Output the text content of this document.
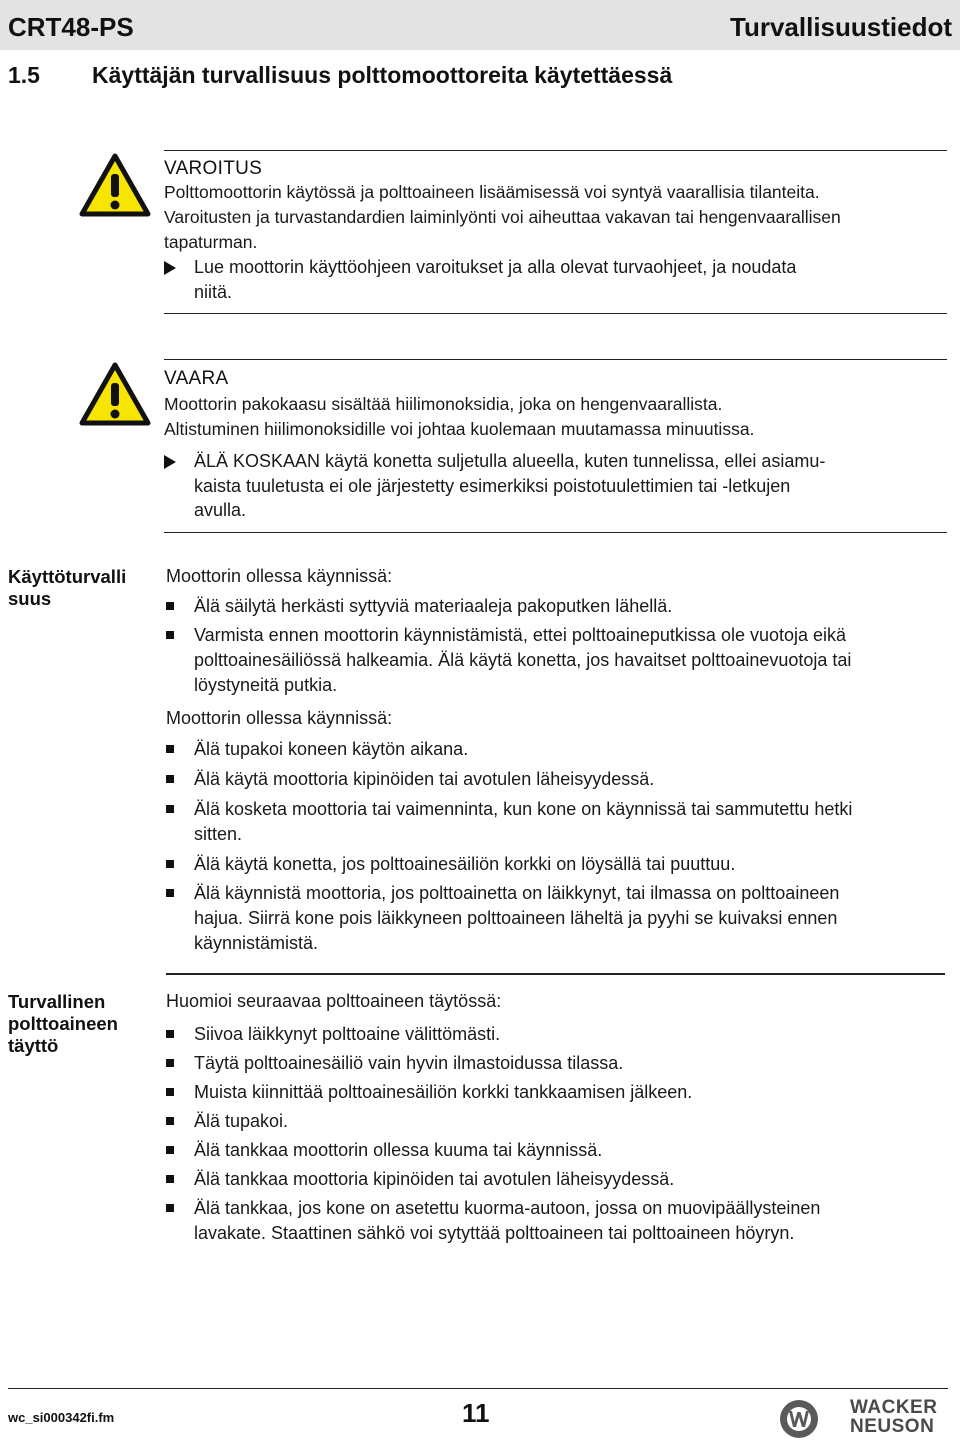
CRT48-PS	Turvallisuustiedot
1.5 Käyttäjän turvallisuus polttomoottoreita käytettäessä
VAROITUS
Polttomoottorin käytössä ja polttoaineen lisäämisessä voi syntyä vaarallisia tilanteita.
Varoitusten ja turvastandardien laiminlyönti voi aiheuttaa vakavan tai hengenvaarallisen
tapaturman.
Lue moottorin käyttöohjeen varoitukset ja alla olevat turvaohjeet, ja noudata
niitä.
VAARA
Moottorin pakokaasu sisältää hiilimonoksidia, joka on hengenvaarallista.
Altistuminen hiilimonoksidille voi johtaa kuolemaan muutamassa minuutissa.
ÄLÄ KOSKAAN käytä konetta suljetulla alueella, kuten tunnelissa, ellei asiamu-
kaista tuuletusta ei ole järjestetty esimerkiksi poistotuulettimien tai -letkujen
avulla.
Käyttöturvalli
suus
Moottorin ollessa käynnissä:
Älä säilytä herkästi syttyviä materiaaleja pakoputken lähellä.
Varmista ennen moottorin käynnistämistä, ettei polttoaineputkissa ole vuotoja eikä
polttoainesäiliössä halkeamia. Älä käytä konetta, jos havaitset polttoainevuotoja tai
löystyneitä putkia.
Moottorin ollessa käynnissä:
Älä tupakoi koneen käytön aikana.
Älä käytä moottoria kipinöiden tai avotulen läheisyydessä.
Älä kosketa moottoria tai vaimenninta, kun kone on käynnissä tai sammutettu hetki
sitten.
Älä käytä konetta, jos polttoainesäiliön korkki on löysällä tai puuttuu.
Älä käynnistä moottoria, jos polttoainetta on läikkynyt, tai ilmassa on polttoaineen
hajua. Siirrä kone pois läikkyneen polttoaineen läheltä ja pyyhi se kuivaksi ennen
käynnistämistä.
Turvallinen
polttoaineen
täyttö
Huomioi seuraavaa polttoaineen täytössä:
Siivoa läikkynyt polttoaine välittömästi.
Täytä polttoainesäiliö vain hyvin ilmastoidussa tilassa.
Muista kiinnittää polttoainesäiliön korkki tankkaamisen jälkeen.
Älä tupakoi.
Älä tankkaa moottorin ollessa kuuma tai käynnissä.
Älä tankkaa moottoria kipinöiden tai avotulen läheisyydessä.
Älä tankkaa, jos kone on asetettu kuorma-autoon, jossa on muovipäällysteinen
lavakate. Staattinen sähkö voi sytyttää polttoaineen tai polttoaineen höyryn.
wc_si000342fi.fm	11	WACKER
NEUSON
